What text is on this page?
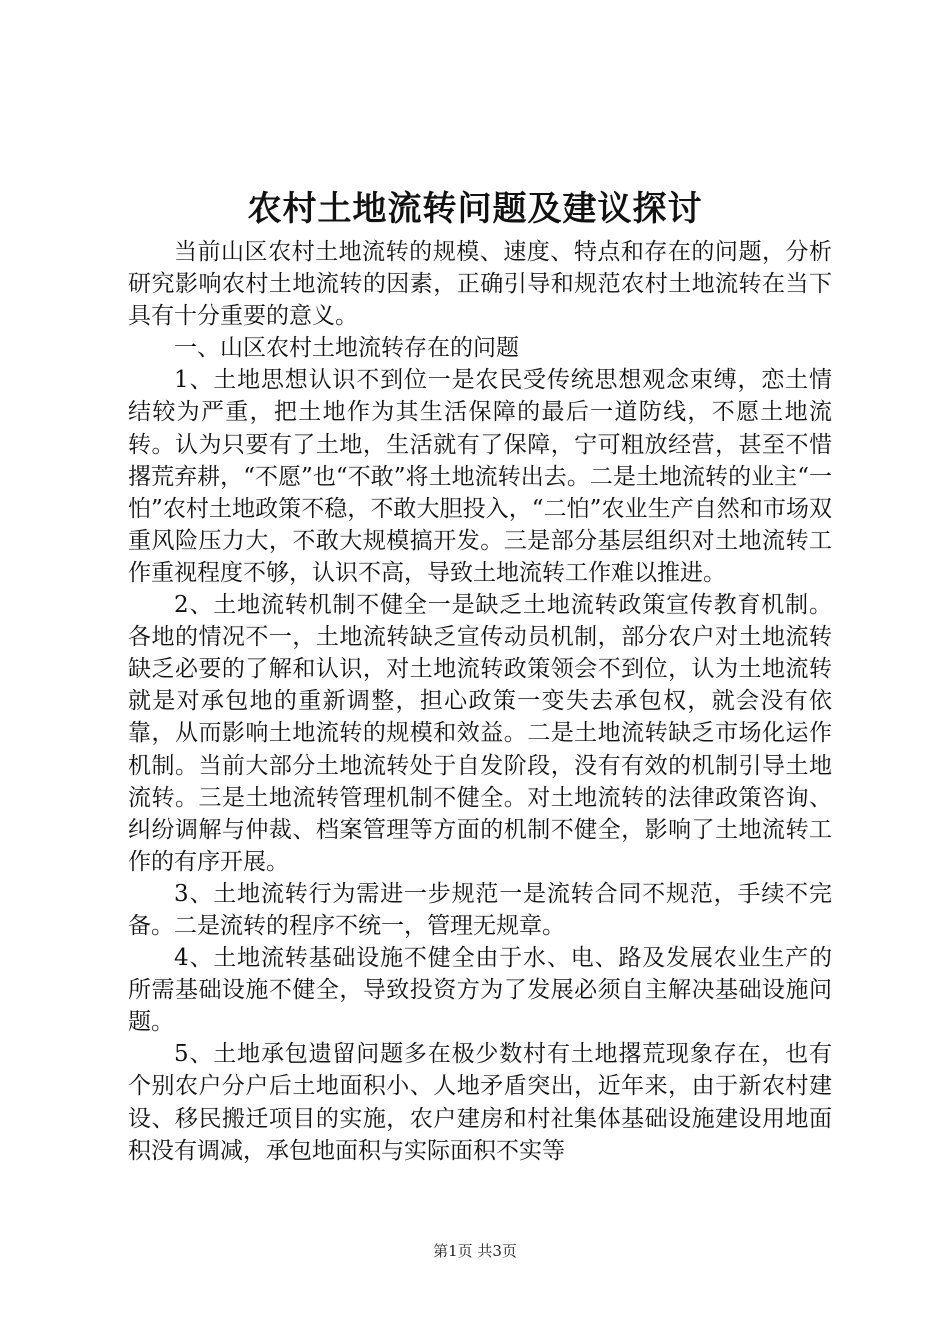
农村土地流转问题及建议探讨

当前山区农村土地流转的规模、速度、特点和存在的问题，分析研究影响农村土地流转的因素，正确引导和规范农村土地流转在当下具有十分重要的意义。

一、山区农村土地流转存在的问题

1、土地思想认识不到位一是农民受传统思想观念束缚，恋土情结较为严重，把土地作为其生活保障的最后一道防线，不愿土地流转。认为只要有了土地，生活就有了保障，宁可粗放经营，甚至不惜撂荒弃耕，“不愿”也“不敢”将土地流转出去。二是土地流转的业主“一怕”农村土地政策不稳，不敢大胆投入，“二怕”农业生产自然和市场双重风险压力大，不敢大规模搞开发。三是部分基层组织对土地流转工作重视程度不够，认识不高，导致土地流转工作难以推进。

2、土地流转机制不健全一是缺乏土地流转政策宣传教育机制。各地的情况不一，土地流转缺乏宣传动员机制，部分农户对土地流转缺乏必要的了解和认识，对土地流转政策领会不到位，认为土地流转就是对承包地的重新调整，担心政策一变失去承包权，就会没有依靠，从而影响土地流转的规模和效益。二是土地流转缺乏市场化运作机制。当前大部分土地流转处于自发阶段，没有有效的机制引导土地流转。三是土地流转管理机制不健全。对土地流转的法律政策咨询、纠纷调解与仲裁、档案管理等方面的机制不健全，影响了土地流转工作的有序开展。

3、土地流转行为需进一步规范一是流转合同不规范，手续不完备。二是流转的程序不统一，管理无规章。

4、土地流转基础设施不健全由于水、电、路及发展农业生产的所需基础设施不健全，导致投资方为了发展必须自主解决基础设施问题。

5、土地承包遗留问题多在极少数村有土地撂荒现象存在，也有个别农户分户后土地面积小、人地矛盾突出，近年来，由于新农村建设、移民搬迁项目的实施，农户建房和村社集体基础设施建设用地面积没有调减，承包地面积与实际面积不实等

第1页 共3页
